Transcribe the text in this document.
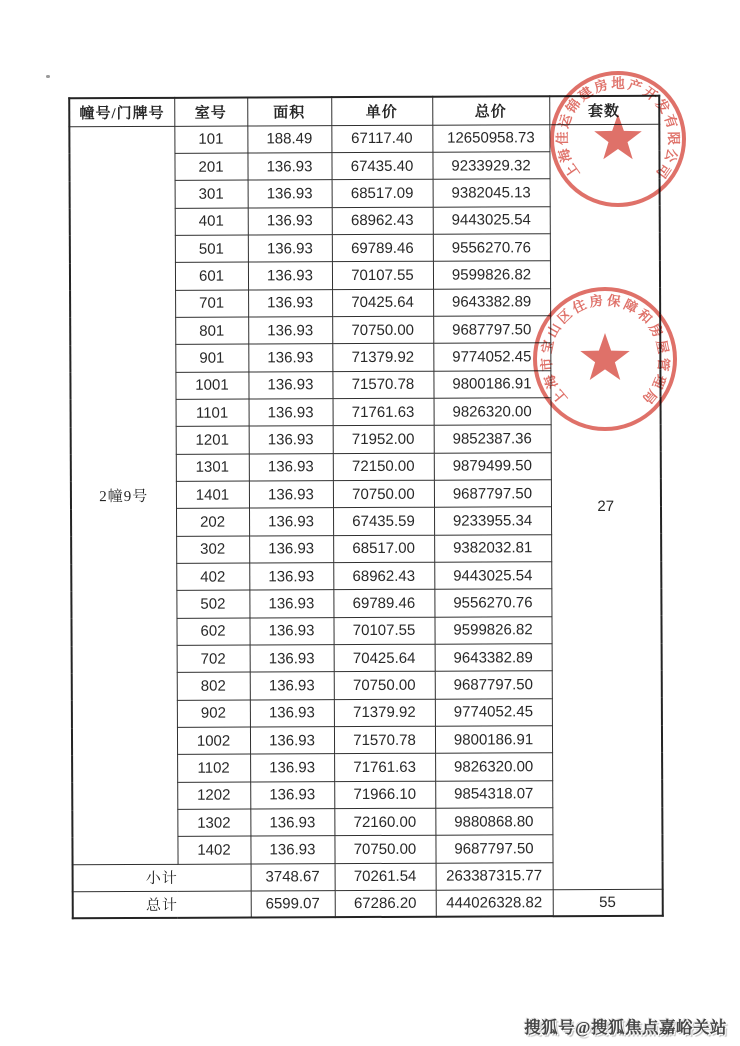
幢号/门牌号	室号	面积	单价	总价	套数
2幢9号	101	188.49	67117.40	12650958.73	27
	201	136.93	67435.40	9233929.32	
	301	136.93	68517.09	9382045.13	
	401	136.93	68962.43	9443025.54	
	501	136.93	69789.46	9556270.76	
	601	136.93	70107.55	9599826.82	
	701	136.93	70425.64	9643382.89	
	801	136.93	70750.00	9687797.50	
	901	136.93	71379.92	9774052.45	
	1001	136.93	71570.78	9800186.91	
	1101	136.93	71761.63	9826320.00	
	1201	136.93	71952.00	9852387.36	
	1301	136.93	72150.00	9879499.50	
	1401	136.93	70750.00	9687797.50	
	202	136.93	67435.59	9233955.34	
	302	136.93	68517.00	9382032.81	
	402	136.93	68962.43	9443025.54	
	502	136.93	69789.46	9556270.76	
	602	136.93	70107.55	9599826.82	
	702	136.93	70425.64	9643382.89	
	802	136.93	70750.00	9687797.50	
	902	136.93	71379.92	9774052.45	
	1002	136.93	71570.78	9800186.91	
	1102	136.93	71761.63	9826320.00	
	1202	136.93	71966.10	9854318.07	
	1302	136.93	72160.00	9880868.80	
	1402	136.93	70750.00	9687797.50	
小计		3748.67	70261.54	263387315.77	
总计		6599.07	67286.20	444026328.82	55
上
海
佳
运
锦
建
房 地 产
开
发
有
限
公
司
上
海
市
宝
山
区
住 房 保 障
和
房
屋
管
理
局
搜狐号@搜狐焦点嘉峪关站
